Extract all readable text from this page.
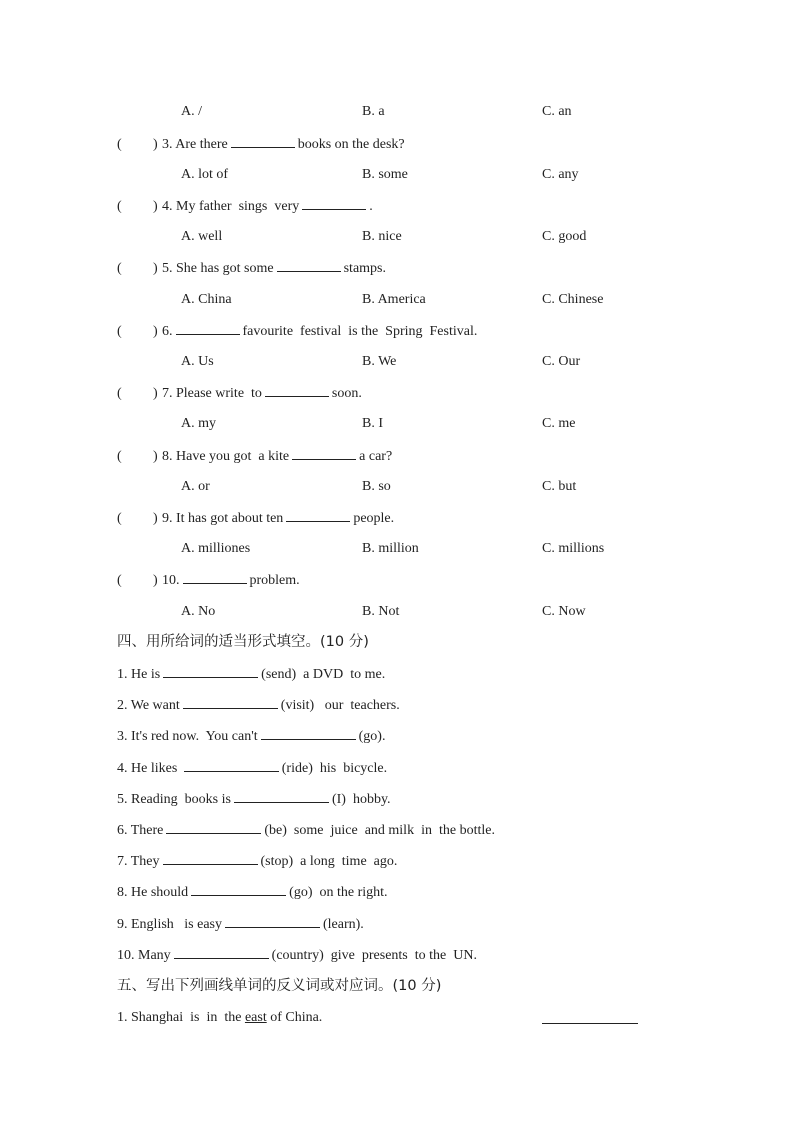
A. /	B. a	C. an
( ) 3. Are there	books on the desk?
A. lot of	B. some	C. any
( ) 4. My father  sings  very	.
A. well	B. nice	C. good
( ) 5. She has got some	stamps.
A. China	B. America	C. Chinese
( ) 6.	favourite  festival  is the  Spring  Festival.
A. Us	B. We	C. Our
( ) 7. Please write  to	soon.
A. my	B. I	C. me
( ) 8. Have you got  a kite	a car?
A. or	B. so	C. but
( ) 9. It has got about ten	people.
A. milliones	B. million	C. millions
( ) 10.	problem.
A. No	B. Not	C. Now
四、用所给词的适当形式填空。(10 分)
1. He is	(send)  a DVD  to me.
2. We want	(visit)   our  teachers.
3. It's red now.  You can't	(go).
4. He likes	(ride)  his  bicycle.
5. Reading  books is	(I)  hobby.
6. There	(be)  some  juice  and milk  in  the bottle.
7. They	(stop)  a long  time  ago.
8. He should	(go)  on the right.
9. English   is easy	(learn).
10. Many	(country)  give  presents  to the  UN.
五、写出下列画线单词的反义词或对应词。(10 分)
1. Shanghai  is  in  the east of China.
